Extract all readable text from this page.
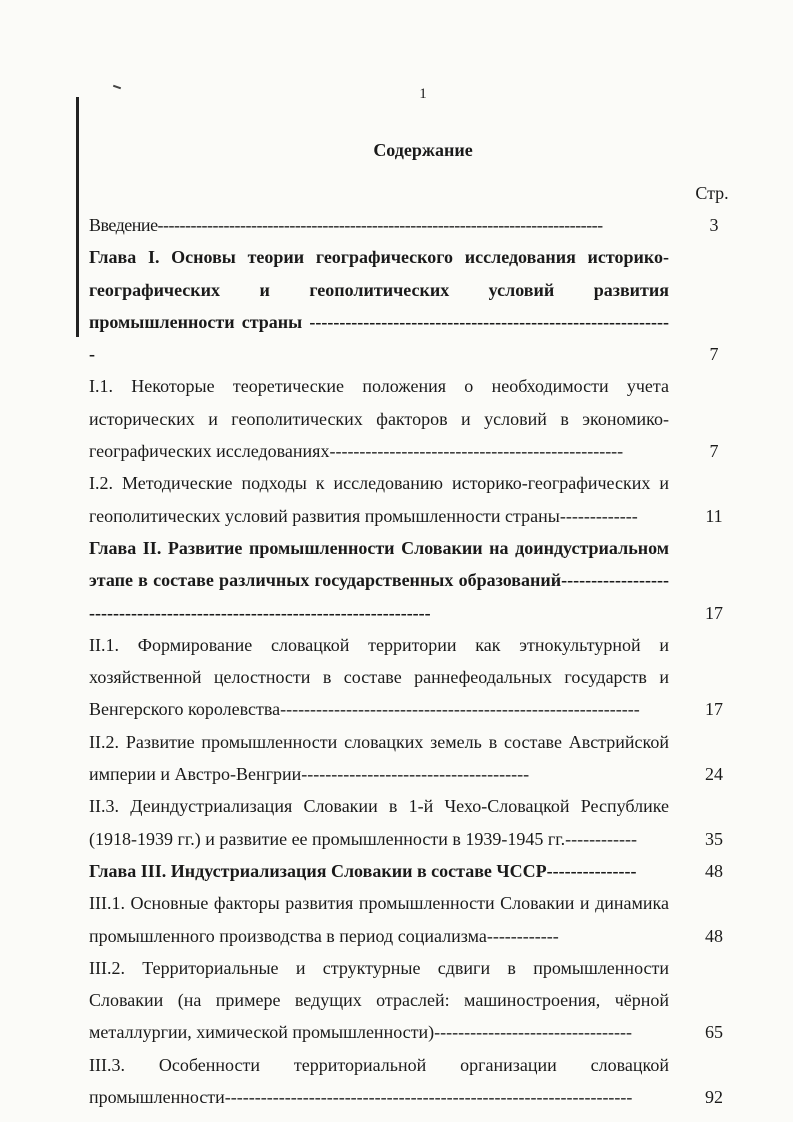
1
Содержание
Стр.
Введение---------------------------------------------------------------------------------	3
Глава I. Основы теории географического исследования историко-географических и геополитических условий развития промышленности страны -------------------------------------------------------------	7
I.1. Некоторые теоретические положения о необходимости учета исторических и геополитических факторов и условий в экономико-географических исследованиях-------------------------------------------------	7
I.2. Методические подходы к исследованию историко-географических и геополитических условий развития промышленности страны-------------	11
Глава II. Развитие промышленности Словакии на доиндустриальном этапе в составе различных государственных образований---------------------------------------------------------------------------	17
II.1. Формирование словацкой территории как этнокультурной и хозяйственной целостности в составе раннефеодальных государств и Венгерского королевства------------------------------------------------------------	17
II.2. Развитие промышленности словацких земель в составе Австрийской империи и Австро-Венгрии--------------------------------------	24
II.3. Деиндустриализация Словакии в 1-й Чехо-Словацкой Республике (1918-1939 гг.) и развитие ее промышленности в 1939-1945 гг.------------	35
Глава III. Индустриализация Словакии в составе ЧССР---------------	48
III.1. Основные факторы развития промышленности Словакии и динамика промышленного производства в период социализма------------	48
III.2. Территориальные и структурные сдвиги в промышленности Словакии (на примере ведущих отраслей: машиностроения, чёрной металлургии, химической промышленности)---------------------------------	65
III.3. Особенности территориальной организации словацкой промышленности--------------------------------------------------------------------	92
